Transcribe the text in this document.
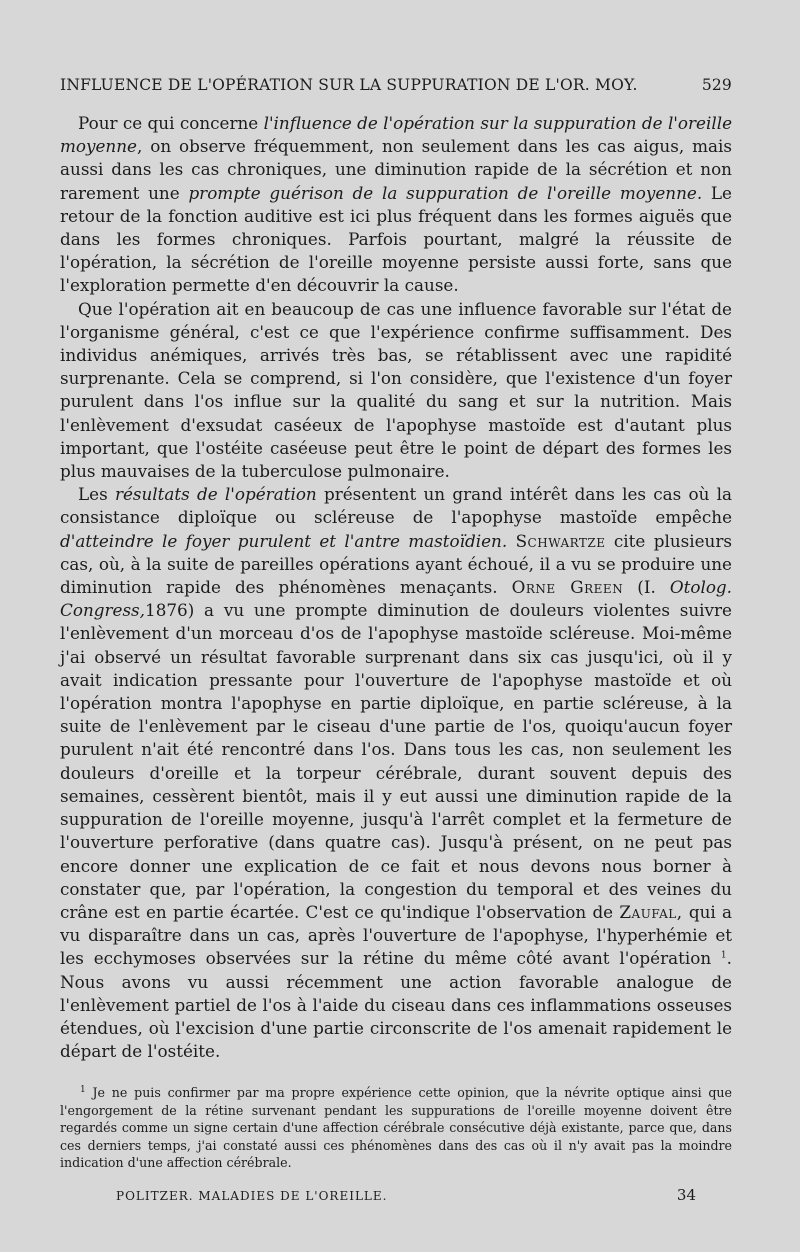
INFLUENCE DE L'OPÉRATION SUR LA SUPPURATION DE L'OR. MOY.	529

Pour ce qui concerne l'influence de l'opération sur la suppuration de l'oreille moyenne, on observe fréquemment, non seulement dans les cas aigus, mais aussi dans les cas chroniques, une diminution rapide de la sécrétion et non rarement une prompte guérison de la suppuration de l'oreille moyenne. Le retour de la fonction auditive est ici plus fréquent dans les formes aiguës que dans les formes chroniques. Parfois pourtant, malgré la réussite de l'opération, la sécrétion de l'oreille moyenne persiste aussi forte, sans que l'exploration permette d'en découvrir la cause.

Que l'opération ait en beaucoup de cas une influence favorable sur l'état de l'organisme général, c'est ce que l'expérience confirme suffisamment. Des individus anémiques, arrivés très bas, se rétablissent avec une rapidité surprenante. Cela se comprend, si l'on considère, que l'existence d'un foyer purulent dans l'os influe sur la qualité du sang et sur la nutrition. Mais l'enlèvement d'exsudat caséeux de l'apophyse mastoïde est d'autant plus important, que l'ostéite caséeuse peut être le point de départ des formes les plus mauvaises de la tuberculose pulmonaire.

Les résultats de l'opération présentent un grand intérêt dans les cas où la consistance diploïque ou scléreuse de l'apophyse mastoïde empêche d'atteindre le foyer purulent et l'antre mastoïdien. Schwartze cite plusieurs cas, où, à la suite de pareilles opérations ayant échoué, il a vu se produire une diminution rapide des phénomènes menaçants. Orne Green (I. Otolog. Congress,1876) a vu une prompte diminution de douleurs violentes suivre l'enlèvement d'un morceau d'os de l'apophyse mastoïde scléreuse. Moi-même j'ai observé un résultat favorable surprenant dans six cas jusqu'ici, où il y avait indication pressante pour l'ouverture de l'apophyse mastoïde et où l'opération montra l'apophyse en partie diploïque, en partie scléreuse, à la suite de l'enlèvement par le ciseau d'une partie de l'os, quoiqu'aucun foyer purulent n'ait été rencontré dans l'os. Dans tous les cas, non seulement les douleurs d'oreille et la torpeur cérébrale, durant souvent depuis des semaines, cessèrent bientôt, mais il y eut aussi une diminution rapide de la suppuration de l'oreille moyenne, jusqu'à l'arrêt complet et la fermeture de l'ouverture perforative (dans quatre cas). Jusqu'à présent, on ne peut pas encore donner une explication de ce fait et nous devons nous borner à constater que, par l'opération, la congestion du temporal et des veines du crâne est en partie écartée. C'est ce qu'indique l'observation de Zaufal, qui a vu disparaître dans un cas, après l'ouverture de l'apophyse, l'hyperhémie et les ecchymoses observées sur la rétine du même côté avant l'opération $^1$. Nous avons vu aussi récemment une action favorable analogue de l'enlèvement partiel de l'os à l'aide du ciseau dans ces inflammations osseuses étendues, où l'excision d'une partie circonscrite de l'os amenait rapidement le départ de l'ostéite.

$^1$ Je ne puis confirmer par ma propre expérience cette opinion, que la névrite optique ainsi que l'engorgement de la rétine survenant pendant les suppurations de l'oreille moyenne doivent être regardés comme un signe certain d'une affection cérébrale consécutive déjà existante, parce que, dans ces derniers temps, j'ai constaté aussi ces phénomènes dans des cas où il n'y avait pas la moindre indication d'une affection cérébrale.

POLITZER. MALADIES DE L'OREILLE.	34
